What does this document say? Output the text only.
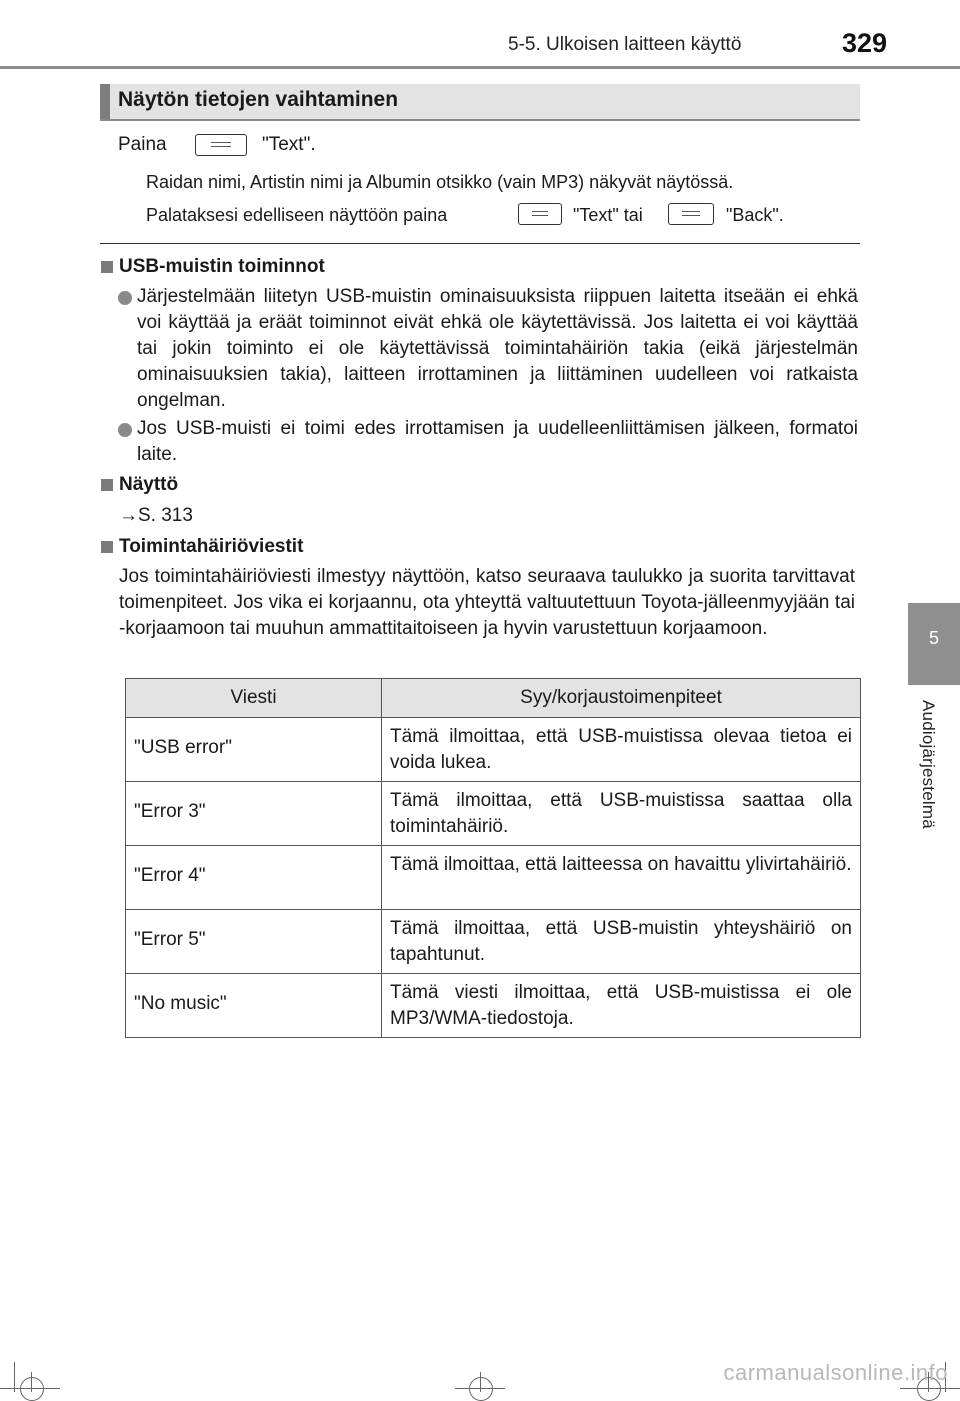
5-5. Ulkoisen laitteen käyttö	329
5
Audiojärjestelmä
Näytön tietojen vaihtaminen
Paina	"Text".
Raidan nimi, Artistin nimi ja Albumin otsikko (vain MP3) näkyvät näytössä.
Palataksesi edelliseen näyttöön paina	"Text" tai	"Back".
USB-muistin toiminnot
Järjestelmään liitetyn USB-muistin ominaisuuksista riippuen laitetta itseään ei ehkä voi käyttää ja eräät toiminnot eivät ehkä ole käytettävissä. Jos laitetta ei voi käyttää tai jokin toiminto ei ole käytettävissä toimintahäiriön takia (eikä järjestelmän ominaisuuksien takia), laitteen irrottaminen ja liittäminen uudelleen voi ratkaista ongelman.
Jos USB-muisti ei toimi edes irrottamisen ja uudelleenliittämisen jälkeen, formatoi laite.
Näyttö
→S. 313
Toimintahäiriöviestit
Jos toimintahäiriöviesti ilmestyy näyttöön, katso seuraava taulukko ja suorita tarvittavat toimenpiteet. Jos vika ei korjaannu, ota yhteyttä valtuutettuun Toyota-jälleenmyyjään tai -korjaamoon tai muuhun ammattitaitoiseen ja hyvin varustettuun korjaamoon.
Viesti	Syy/korjaustoimenpiteet
"USB error"	Tämä ilmoittaa, että USB-muistissa olevaa tietoa ei voida lukea.
"Error 3"	Tämä ilmoittaa, että USB-muistissa saattaa olla toimintahäiriö.
"Error 4"	Tämä ilmoittaa, että laitteessa on havaittu ylivirtahäiriö.
"Error 5"	Tämä ilmoittaa, että USB-muistin yhteyshäiriö on tapahtunut.
"No music"	Tämä viesti ilmoittaa, että USB-muistissa ei ole MP3/WMA-tiedostoja.
carmanualsonline.info
